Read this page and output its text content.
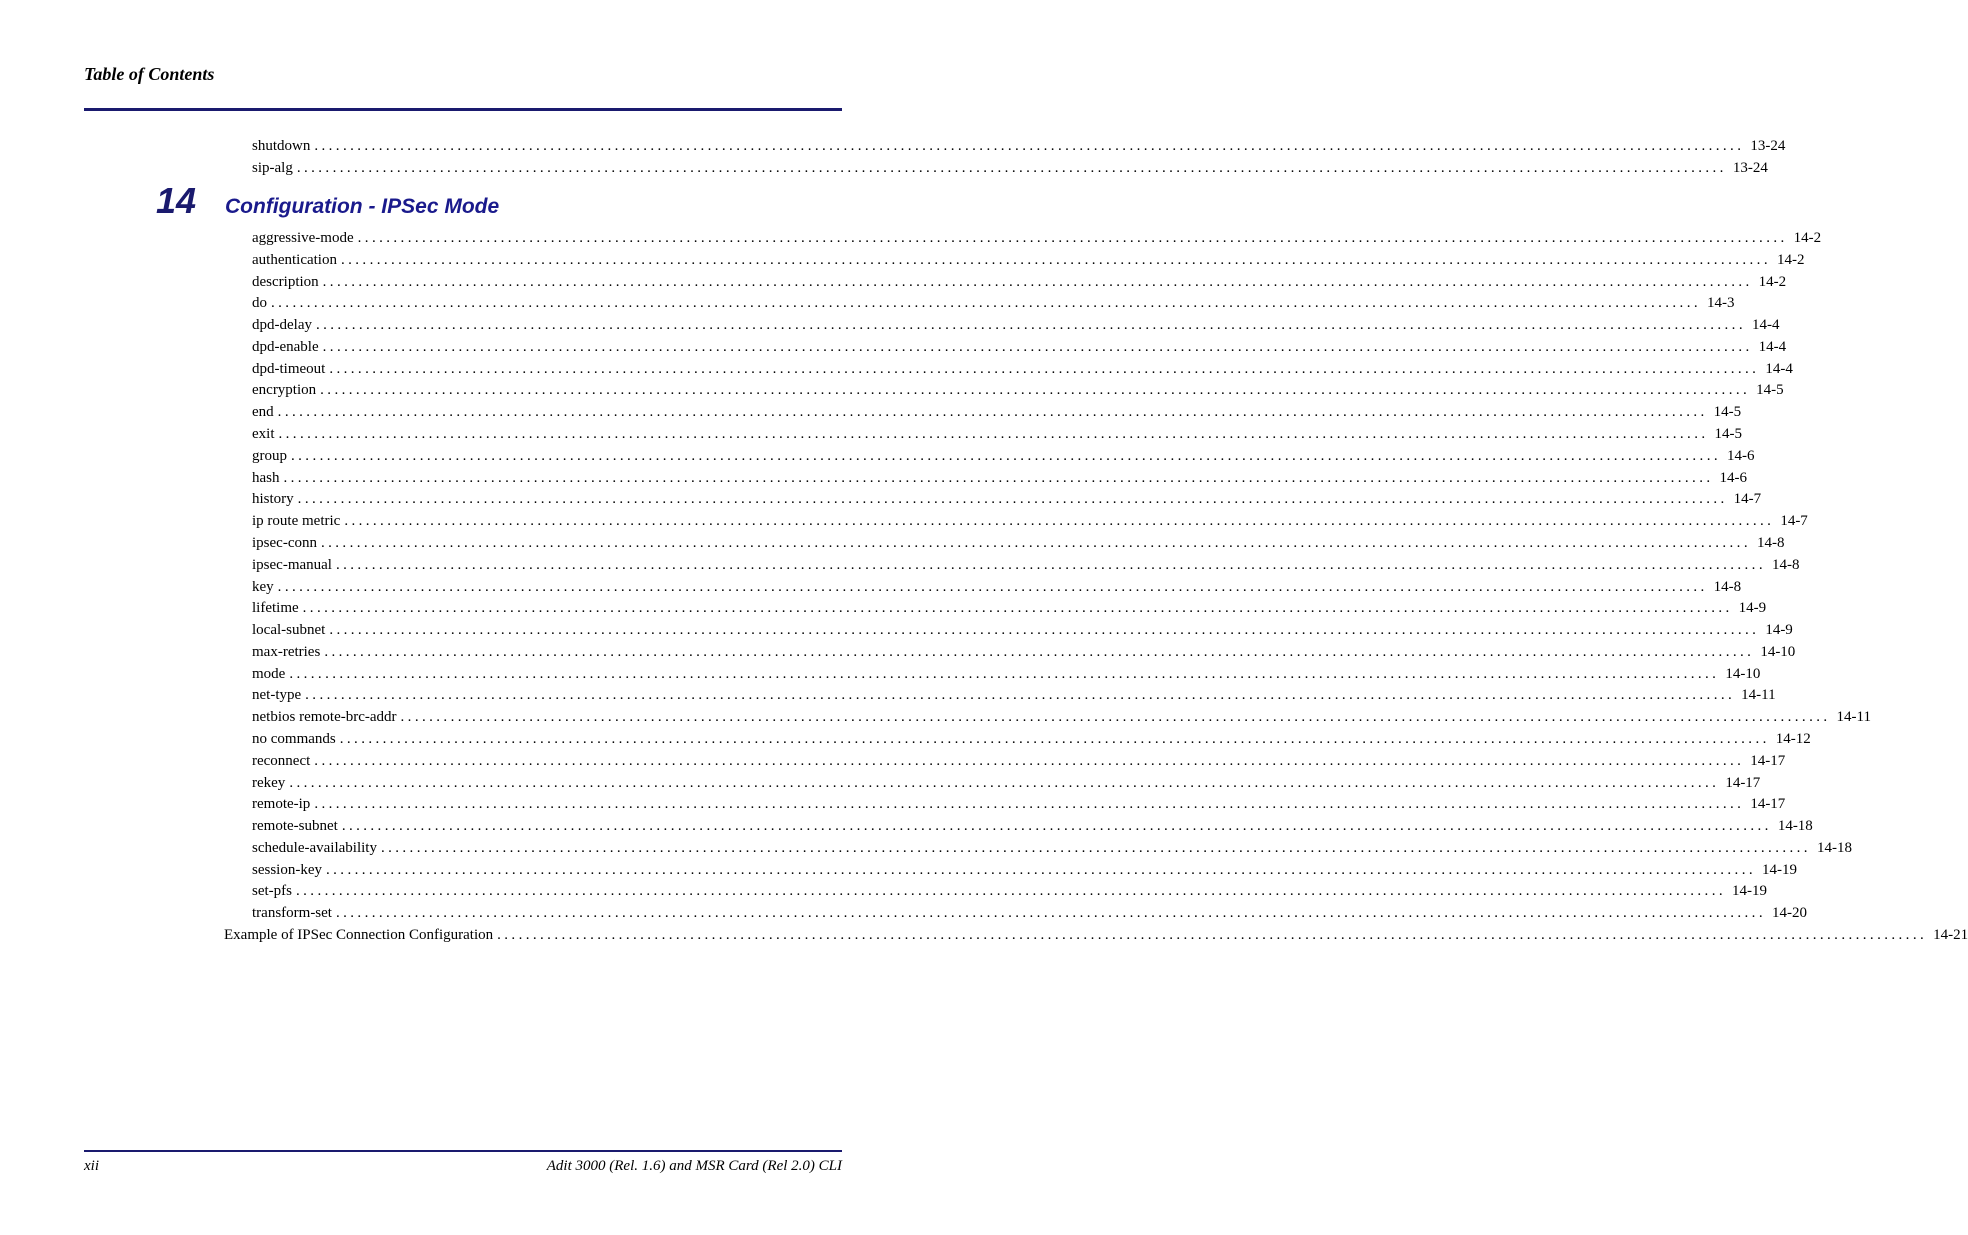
Table of Contents
shutdown ........................................................................................................................................................................................................ 13-24
sip-alg ........................................................................................................................................................................................................ 13-24
14 Configuration - IPSec Mode
aggressive-mode ........................................................................................................................................................................................................ 14-2
authentication ........................................................................................................................................................................................................ 14-2
description ........................................................................................................................................................................................................ 14-2
do ........................................................................................................................................................................................................ 14-3
dpd-delay ........................................................................................................................................................................................................ 14-4
dpd-enable ........................................................................................................................................................................................................ 14-4
dpd-timeout ........................................................................................................................................................................................................ 14-4
encryption ........................................................................................................................................................................................................ 14-5
end ........................................................................................................................................................................................................ 14-5
exit ........................................................................................................................................................................................................ 14-5
group ........................................................................................................................................................................................................ 14-6
hash ........................................................................................................................................................................................................ 14-6
history ........................................................................................................................................................................................................ 14-7
ip route metric ........................................................................................................................................................................................................ 14-7
ipsec-conn ........................................................................................................................................................................................................ 14-8
ipsec-manual ........................................................................................................................................................................................................ 14-8
key ........................................................................................................................................................................................................ 14-8
lifetime ........................................................................................................................................................................................................ 14-9
local-subnet ........................................................................................................................................................................................................ 14-9
max-retries ........................................................................................................................................................................................................ 14-10
mode ........................................................................................................................................................................................................ 14-10
net-type ........................................................................................................................................................................................................ 14-11
netbios remote-brc-addr ........................................................................................................................................................................................................ 14-11
no commands ........................................................................................................................................................................................................ 14-12
reconnect ........................................................................................................................................................................................................ 14-17
rekey ........................................................................................................................................................................................................ 14-17
remote-ip ........................................................................................................................................................................................................ 14-17
remote-subnet ........................................................................................................................................................................................................ 14-18
schedule-availability ........................................................................................................................................................................................................ 14-18
session-key ........................................................................................................................................................................................................ 14-19
set-pfs ........................................................................................................................................................................................................ 14-19
transform-set ........................................................................................................................................................................................................ 14-20
Example of IPSec Connection Configuration ........................................................................................................................................................................................................ 14-21
xii	Adit 3000 (Rel. 1.6) and MSR Card (Rel 2.0) CLI
